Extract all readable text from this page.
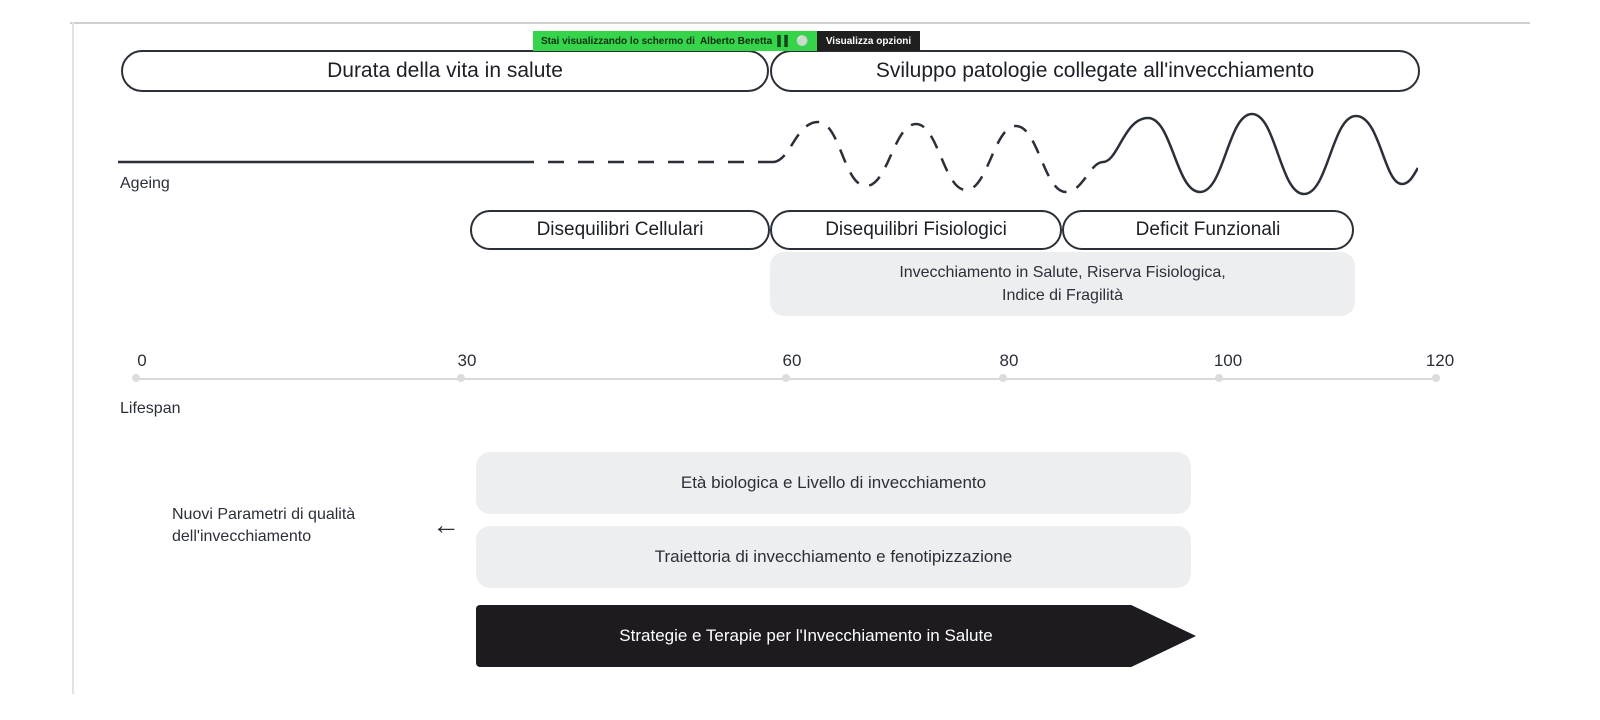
Stai visualizzando lo schermo di Alberto Beretta ▌▌ ⚪ Visualizza opzioni
Durata della vita in salute	Sviluppo patologie collegate all'invecchiamento
Ageing
Disequilibri Cellulari	Disequilibri Fisiologici	Deficit Funzionali
Invecchiamento in Salute, Riserva Fisiologica,
Indice di Fragilità
0	30	60	80	100	120
Lifespan
Nuovi Parametri di qualità
dell'invecchiamento	←
Età biologica e Livello di invecchiamento
Traiettoria di invecchiamento e fenotipizzazione
Strategie e Terapie per l'Invecchiamento in Salute
